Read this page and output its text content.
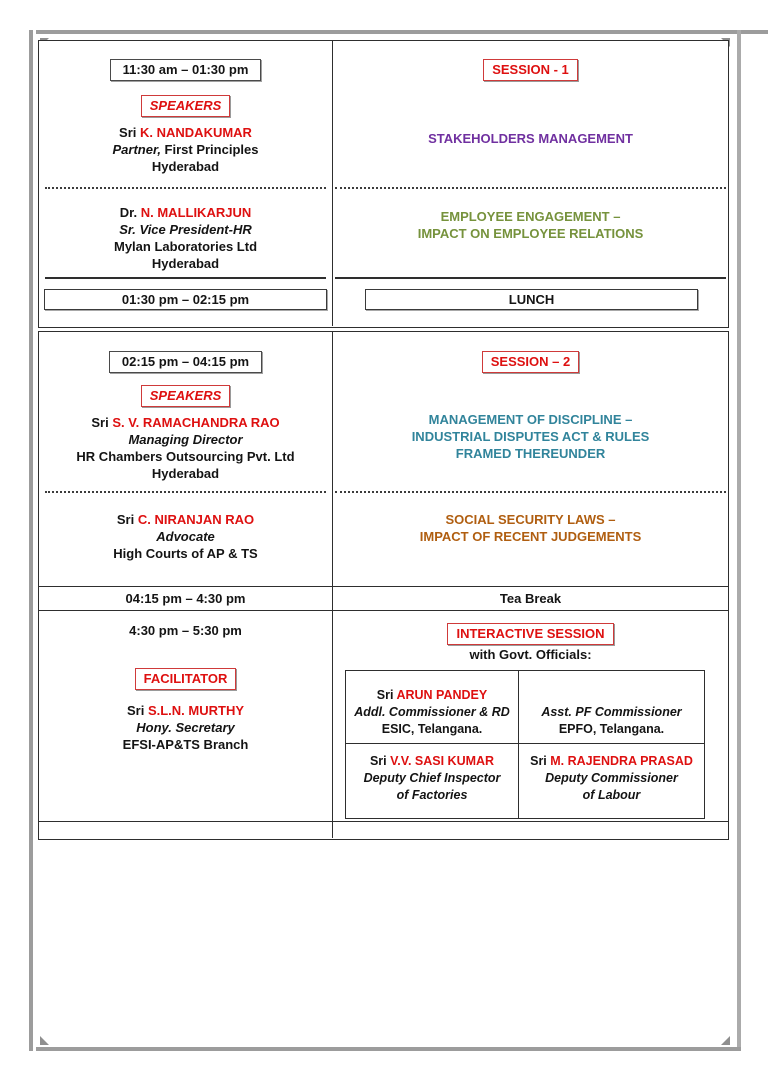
11:30 am – 01:30 pm
SPEAKERS
Sri K. NANDAKUMAR
Partner, First Principles
Hyderabad
Dr. N. MALLIKARJUN
Sr. Vice President-HR
Mylan Laboratories Ltd
Hyderabad
01:30 pm – 02:15 pm
SESSION - 1
STAKEHOLDERS MANAGEMENT
EMPLOYEE ENGAGEMENT –
IMPACT ON EMPLOYEE RELATIONS
LUNCH
02:15 pm – 04:15 pm
SPEAKERS
Sri S. V. RAMACHANDRA RAO
Managing Director
HR Chambers Outsourcing Pvt. Ltd
Hyderabad
Sri C. NIRANJAN RAO
Advocate
High Courts of AP & TS
SESSION – 2
MANAGEMENT OF DISCIPLINE –
INDUSTRIAL DISPUTES ACT & RULES
FRAMED THEREUNDER
SOCIAL SECURITY LAWS –
IMPACT OF RECENT JUDGEMENTS
04:15 pm – 4:30 pm	Tea Break
4:30 pm – 5:30 pm
FACILITATOR
Sri S.L.N. MURTHY
Hony. Secretary
EFSI-AP&TS Branch
INTERACTIVE SESSION
with Govt. Officials:
Sri ARUN PANDEY
Addl. Commissioner & RD
ESIC, Telangana.
Asst. PF Commissioner
EPFO, Telangana.
Sri V.V. SASI KUMAR
Deputy Chief Inspector
of Factories
Sri M. RAJENDRA PRASAD
Deputy Commissioner
of Labour
